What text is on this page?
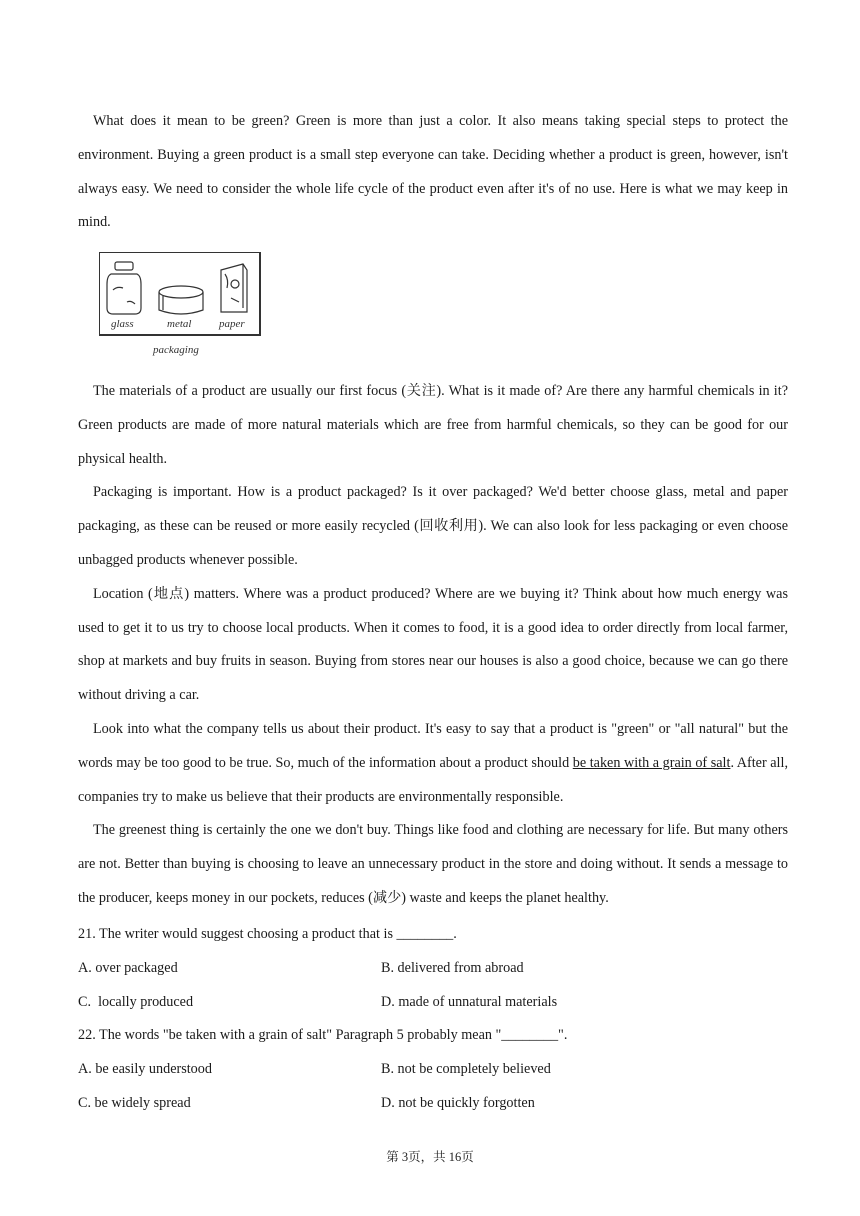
What does it mean to be green? Green is more than just a color. It also means taking special steps to protect the environment. Buying a green product is a small step everyone can take. Deciding whether a product is green, however, isn't always easy. We need to consider the whole life cycle of the product even after it's of no use. Here is what we may keep in mind.

glass	metal	paper
packaging

The materials of a product are usually our first focus (关注). What is it made of? Are there any harmful chemicals in it? Green products are made of more natural materials which are free from harmful chemicals, so they can be good for our physical health.

Packaging is important. How is a product packaged? Is it over packaged? We'd better choose glass, metal and paper packaging, as these can be reused or more easily recycled (回收利用). We can also look for less packaging or even choose unbagged products whenever possible.

Location (地点) matters. Where was a product produced? Where are we buying it? Think about how much energy was used to get it to us try to choose local products. When it comes to food, it is a good idea to order directly from local farmer, shop at markets and buy fruits in season. Buying from stores near our houses is also a good choice, because we can go there without driving a car.

Look into what the company tells us about their product. It's easy to say that a product is "green" or "all natural" but the words may be too good to be true. So, much of the information about a product should be taken with a grain of salt. After all, companies try to make us believe that their products are environmentally responsible.

The greenest thing is certainly the one we don't buy. Things like food and clothing are necessary for life. But many others are not. Better than buying is choosing to leave an unnecessary product in the store and doing without. It sends a message to the producer, keeps money in our pockets, reduces (减少) waste and keeps the planet healthy.

21. The writer would suggest choosing a product that is ________.

A. over packaged	B. delivered from abroad
C.  locally produced	D. made of unnatural materials

22. The words "be taken with a grain of salt" Paragraph 5 probably mean "________".

A. be easily understood	B. not be completely believed
C. be widely spread	D. not be quickly forgotten
第 3页，共 16页
